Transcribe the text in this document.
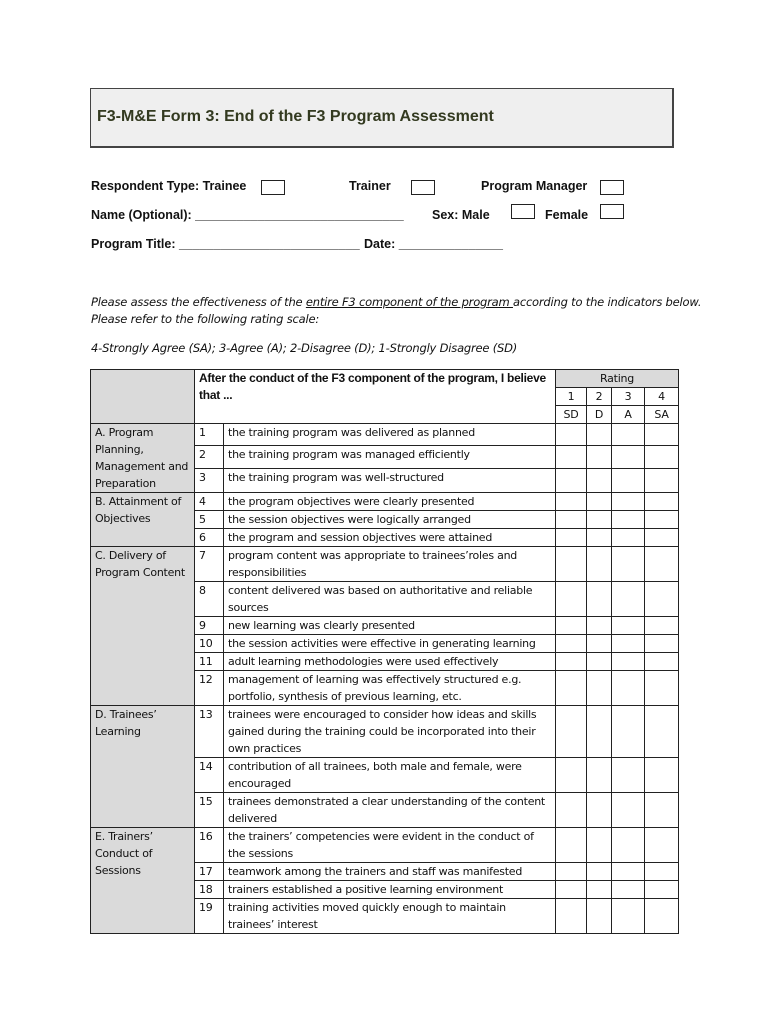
F3-M&E Form 3: End of the F3 Program Assessment
Respondent Type: Trainee	Trainer	Program Manager
Name (Optional): ______________________________ Sex: Male	Female
Program Title: __________________________ Date: _______________
Please assess the effectiveness of the entire F3 component of the program according to the indicators below.
Please refer to the following rating scale:
4-Strongly Agree (SA); 3-Agree (A); 2-Disagree (D); 1-Strongly Disagree (SD)
	After the conduct of the F3 component of the program, I believe that ...		Rating			
			1	2	3	4
			SD	D	A	SA
A. Program Planning, Management and Preparation	1	the training program was delivered as planned				
	2	the training program was managed efficiently				
	3	the training program was well-structured				
B. Attainment of Objectives	4	the program objectives were clearly presented				
	5	the session objectives were logically arranged				
	6	the program and session objectives were attained				
C. Delivery of Program Content	7	program content was appropriate to trainees’roles and responsibilities				
	8	content delivered was based on authoritative and reliable sources				
	9	new learning was clearly presented				
	10	the session activities were effective in generating learning				
	11	adult learning methodologies were used effectively				
	12	management of learning was effectively structured e.g. portfolio, synthesis of previous learning, etc.				
D. Trainees’ Learning	13	trainees were encouraged to consider how ideas and skills gained during the training could be incorporated into their own practices				
	14	contribution of all trainees, both male and female, were encouraged				
	15	trainees demonstrated a clear understanding of the content delivered				
E. Trainers’ Conduct of Sessions	16	the trainers’ competencies were evident in the conduct of the sessions				
	17	teamwork among the trainers and staff was manifested				
	18	trainers established a positive learning environment				
	19	training activities moved quickly enough to maintain trainees’ interest				
